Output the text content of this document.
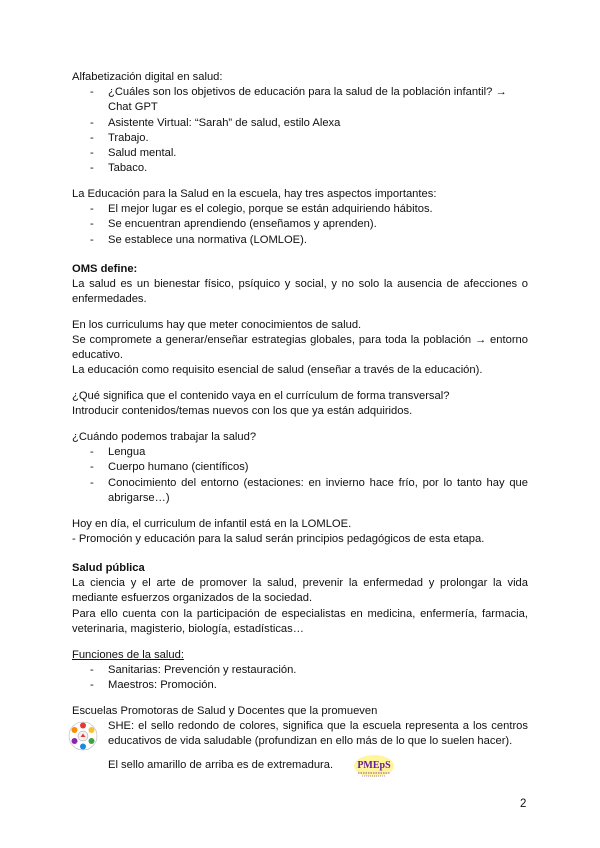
Alfabetización digital en salud:

- ¿Cuáles son los objetivos de educación para la salud de la población infantil? → Chat GPT
- Asistente Virtual: “Sarah” de salud, estilo Alexa
- Trabajo.
- Salud mental.
- Tabaco.

La Educación para la Salud en la escuela, hay tres aspectos importantes:

- El mejor lugar es el colegio, porque se están adquiriendo hábitos.
- Se encuentran aprendiendo (enseñamos y aprenden).
- Se establece una normativa (LOMLOE).

OMS define:

La salud es un bienestar físico, psíquico y social, y no solo la ausencia de afecciones o enfermedades.

En los curriculums hay que meter conocimientos de salud.

Se compromete a generar/enseñar estrategias globales, para toda la población → entorno educativo.

La educación como requisito esencial de salud (enseñar a través de la educación).

¿Qué significa que el contenido vaya en el currículum de forma transversal?

Introducir contenidos/temas nuevos con los que ya están adquiridos.

¿Cuándo podemos trabajar la salud?

- Lengua
- Cuerpo humano (científicos)
- Conocimiento del entorno (estaciones: en invierno hace frío, por lo tanto hay que abrigarse…)

Hoy en día, el curriculum de infantil está en la LOMLOE.

- Promoción y educación para la salud serán principios pedagógicos de esta etapa.

Salud pública

La ciencia y el arte de promover la salud, prevenir la enfermedad y prolongar la vida mediante esfuerzos organizados de la sociedad.

Para ello cuenta con la participación de especialistas en medicina, enfermería, farmacia, veterinaria, magisterio, biología, estadísticas…

Funciones de la salud:

- Sanitarias: Prevención y restauración.
- Maestros: Promoción.

Escuelas Promotoras de Salud y Docentes que la promueven

SHE: el sello redondo de colores, significa que la escuela representa a los centros educativos de vida saludable (profundizan en ello más de lo que lo suelen hacer).

El sello amarillo de arriba es de extremadura.	PMEpS
2
